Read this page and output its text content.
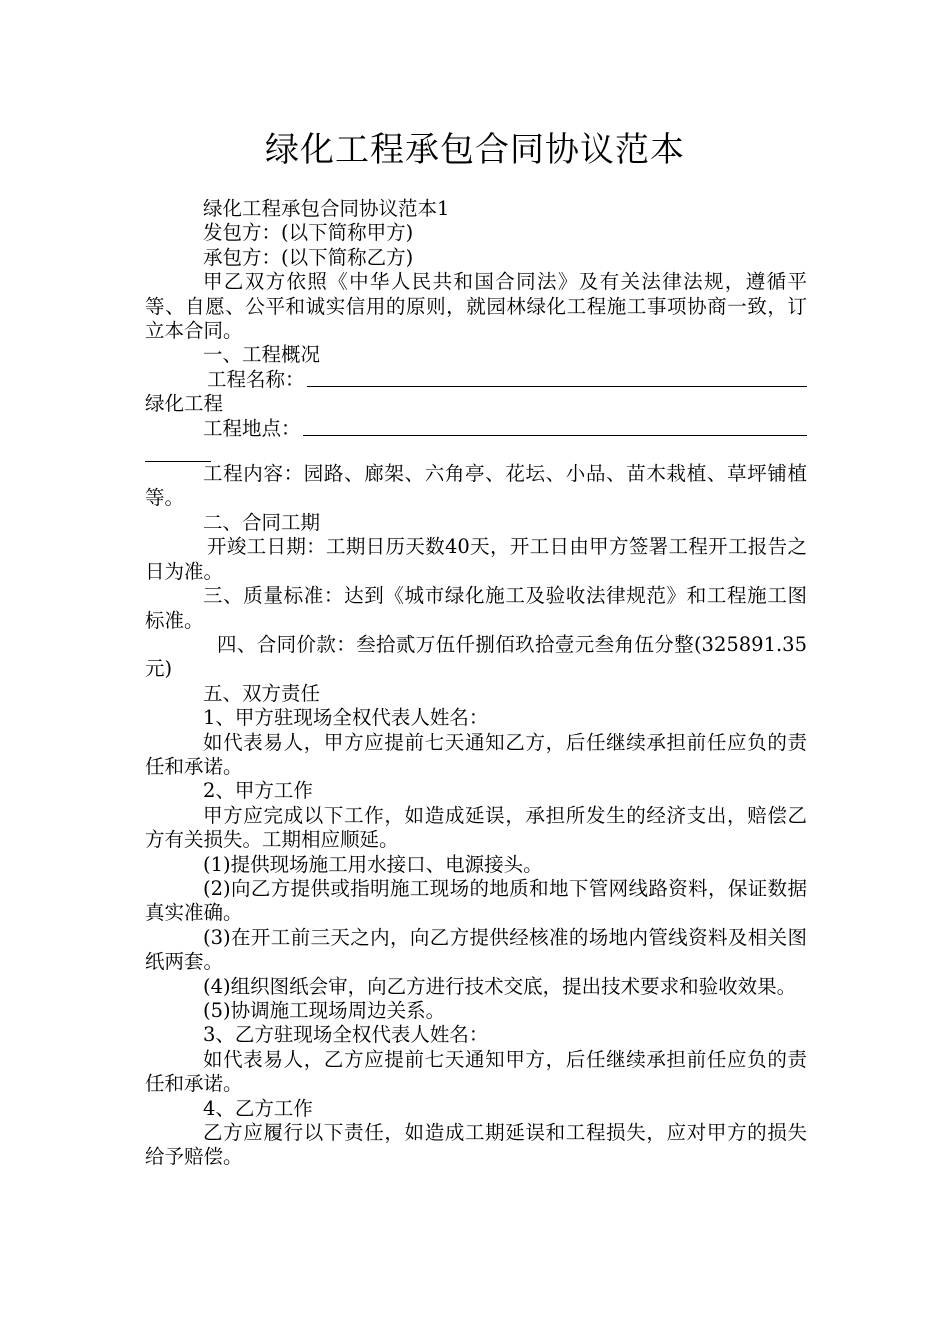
绿化工程承包合同协议范本

绿化工程承包合同协议范本1

发包方：(以下简称甲方)

承包方：(以下简称乙方)

甲乙双方依照《中华人民共和国合同法》及有关法律法规，遵循平等、自愿、公平和诚实信用的原则，就园林绿化工程施工事项协商一致，订立本合同。

一、工程概况

工程名称：

绿化工程

工程地点：

工程内容：园路、廊架、六角亭、花坛、小品、苗木栽植、草坪铺植等。

二、合同工期

开竣工日期：工期日历天数40天，开工日由甲方签署工程开工报告之日为准。

三、质量标准：达到《城市绿化施工及验收法律规范》和工程施工图标准。

四、合同价款：叁拾贰万伍仟捌佰玖拾壹元叁角伍分整(325891.35元)

五、双方责任

1、甲方驻现场全权代表人姓名：

如代表易人，甲方应提前七天通知乙方，后任继续承担前任应负的责任和承诺。

2、甲方工作

甲方应完成以下工作，如造成延误，承担所发生的经济支出，赔偿乙方有关损失。工期相应顺延。

(1)提供现场施工用水接口、电源接头。

(2)向乙方提供或指明施工现场的地质和地下管网线路资料，保证数据真实准确。

(3)在开工前三天之内，向乙方提供经核准的场地内管线资料及相关图纸两套。

(4)组织图纸会审，向乙方进行技术交底，提出技术要求和验收效果。

(5)协调施工现场周边关系。

3、乙方驻现场全权代表人姓名：

如代表易人，乙方应提前七天通知甲方，后任继续承担前任应负的责任和承诺。

4、乙方工作

乙方应履行以下责任，如造成工期延误和工程损失，应对甲方的损失给予赔偿。
